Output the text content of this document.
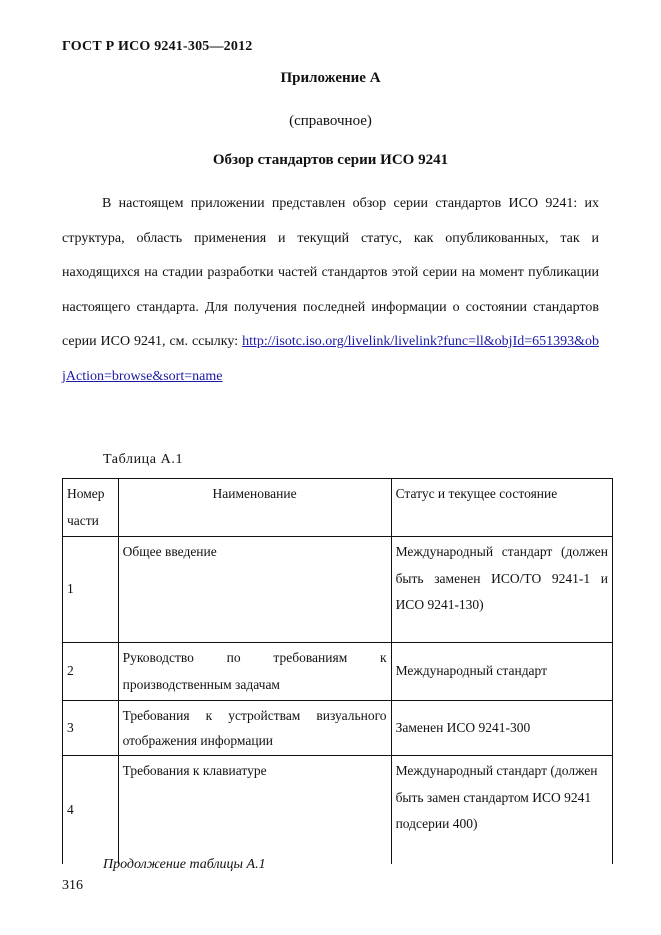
ГОСТ Р ИСО 9241-305—2012
Приложение А
(справочное)
Обзор стандартов серии ИСО 9241

В настоящем приложении представлен обзор серии стандартов ИСО 9241: их структура, область применения и текущий статус, как опубликованных, так и находящихся на стадии разработки частей стандартов этой серии на момент публикации настоящего стандарта. Для получения последней информации о состоянии стандартов серии ИСО 9241, см. ссылку: http://isotc.iso.org/livelink/livelink?func=ll&objId=651393&objAction=browse&sort=name

Таблица А.1
Номер части	Наименование	Статус и текущее состояние
1	Общее введение	Международный стандарт (должен быть заменен ИСО/ТО 9241-1 и ИСО 9241-130)

2	Руководство по требованиям к производственным задачам	Международный стандарт
3	Требования к устройствам визуального отображения информации	Заменен ИСО 9241-300
4	Требования к клавиатуре	Международный стандарт (должен быть замен стандартом ИСО 9241 подсерии 400)
Продолжение таблицы А.1
316
